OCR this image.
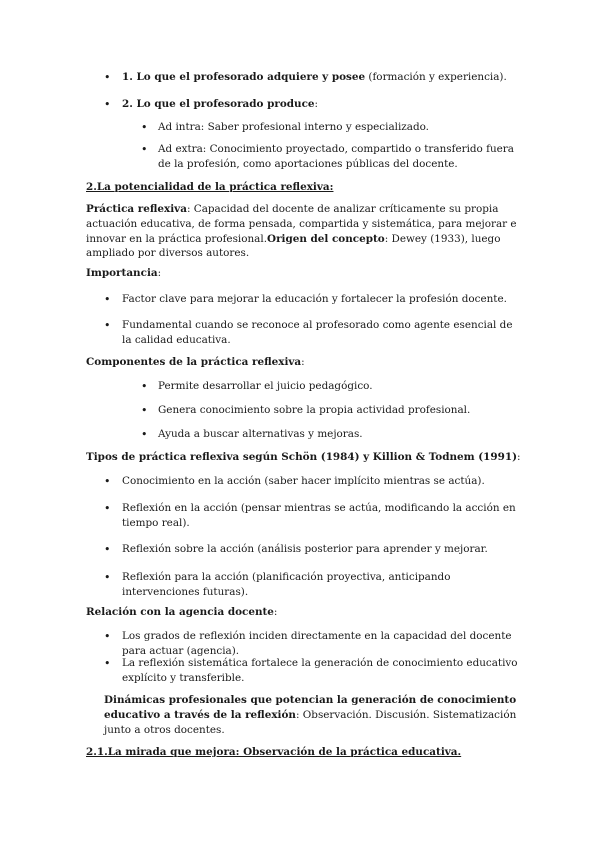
• 1. Lo que el profesorado adquiere y posee (formación y experiencia).

• 2. Lo que el profesorado produce:

• Ad intra: Saber profesional interno y especializado.

• Ad extra: Conocimiento proyectado, compartido o transferido fuera de la profesión, como aportaciones públicas del docente.

2.La potencialidad de la práctica reflexiva:

Práctica reflexiva: Capacidad del docente de analizar críticamente su propia actuación educativa, de forma pensada, compartida y sistemática, para mejorar e innovar en la práctica profesional.Origen del concepto: Dewey (1933), luego ampliado por diversos autores.

Importancia:

• Factor clave para mejorar la educación y fortalecer la profesión docente.

• Fundamental cuando se reconoce al profesorado como agente esencial de la calidad educativa.

Componentes de la práctica reflexiva:

• Permite desarrollar el juicio pedagógico.

• Genera conocimiento sobre la propia actividad profesional.

• Ayuda a buscar alternativas y mejoras.

Tipos de práctica reflexiva según Schön (1984) y Killion & Todnem (1991):

• Conocimiento en la acción (saber hacer implícito mientras se actúa).

• Reflexión en la acción (pensar mientras se actúa, modificando la acción en tiempo real).

• Reflexión sobre la acción (análisis posterior para aprender y mejorar.

• Reflexión para la acción (planificación proyectiva, anticipando intervenciones futuras).

Relación con la agencia docente:

• Los grados de reflexión inciden directamente en la capacidad del docente para actuar (agencia).

• La reflexión sistemática fortalece la generación de conocimiento educativo explícito y transferible.

Dinámicas profesionales que potencian la generación de conocimiento educativo a través de la reflexión: Observación. Discusión. Sistematización junto a otros docentes.

2.1.La mirada que mejora: Observación de la práctica educativa.
